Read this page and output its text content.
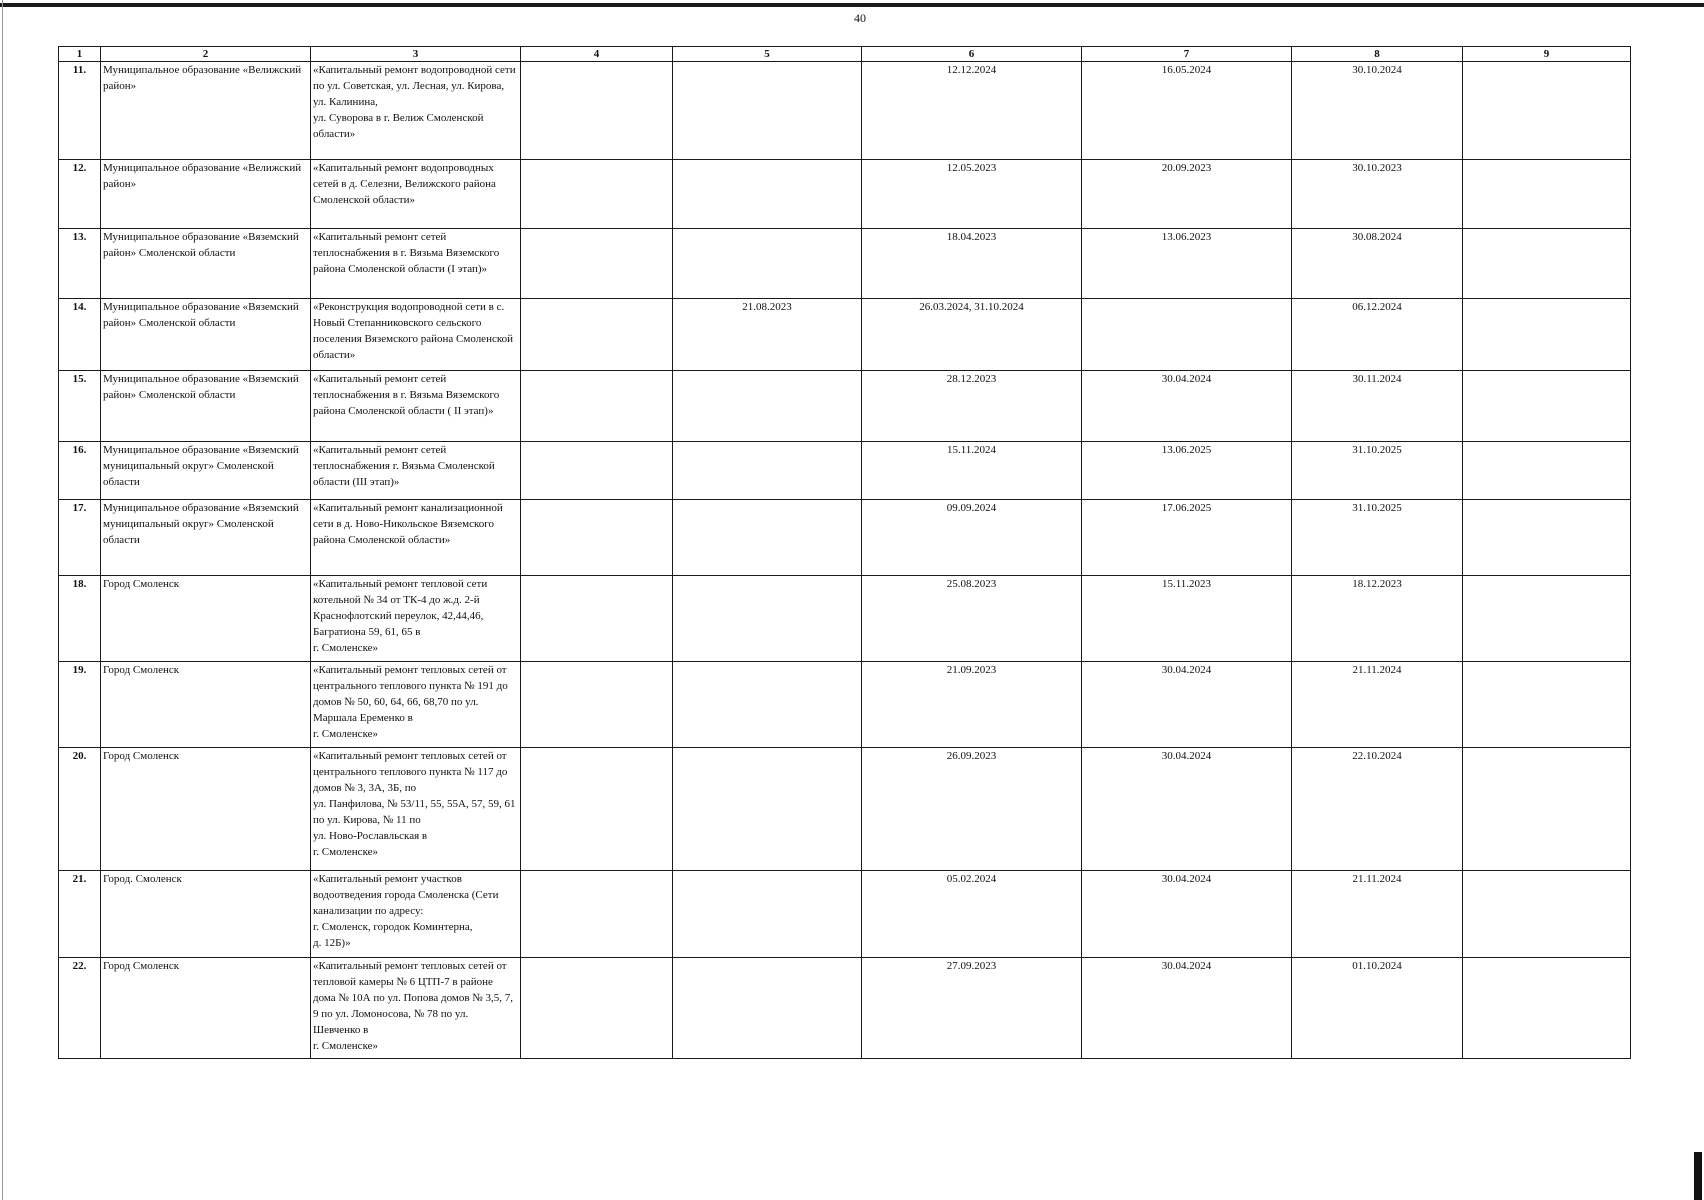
40
1	2	3	4	5	6	7	8	9
11.	Муниципальное образование «Велижский район»	«Капитальный ремонт водопроводной сети по ул. Советская, ул. Лесная, ул. Кирова, ул. Калинина,
ул. Суворова в г. Велиж Смоленской области»			12.12.2024	16.05.2024	30.10.2024	
12.	Муниципальное образование «Велижский район»	«Капитальный ремонт водопроводных сетей в д. Селезни, Велижского района Смоленской области»			12.05.2023	20.09.2023	30.10.2023	
13.	Муниципальное образование «Вяземский район» Смоленской области	«Капитальный ремонт сетей теплоснабжения в г. Вязьма Вяземского района Смоленской области (I этап)»			18.04.2023	13.06.2023	30.08.2024	
14.	Муниципальное образование «Вяземский район» Смоленской области	«Реконструкция водопроводной сети в с. Новый Степанниковского сельского поселения Вяземского района Смоленской области»		21.08.2023	26.03.2024, 31.10.2024		06.12.2024	
15.	Муниципальное образование «Вяземский район» Смоленской области	«Капитальный ремонт сетей теплоснабжения в г. Вязьма Вяземского района Смоленской области ( II этап)»			28.12.2023	30.04.2024	30.11.2024	
16.	Муниципальное образование «Вяземский муниципальный округ» Смоленской области	«Капитальный ремонт сетей теплоснабжения г. Вязьма Смоленской области (III этап)»			15.11.2024	13.06.2025	31.10.2025	
17.	Муниципальное образование «Вяземский муниципальный округ» Смоленской области	«Капитальный ремонт канализационной сети в д. Ново-Никольское Вяземского района Смоленской области»			09.09.2024	17.06.2025	31.10.2025	
18.	Город Смоленск	«Капитальный ремонт тепловой сети котельной № 34 от ТК-4 до ж.д. 2-й Краснофлотский переулок, 42,44,46, Багратиона 59, 61, 65 в
г. Смоленске»			25.08.2023	15.11.2023	18.12.2023	
19.	Город Смоленск	«Капитальный ремонт тепловых сетей от центрального теплового пункта № 191 до домов № 50, 60, 64, 66, 68,70 по ул. Маршала Еременко в
г. Смоленске»			21.09.2023	30.04.2024	21.11.2024	
20.	Город Смоленск	«Капитальный ремонт тепловых сетей от центрального теплового пункта № 117 до домов № 3, 3А, 3Б, по
ул. Панфилова, № 53/11, 55, 55А, 57, 59, 61 по ул. Кирова, № 11 по
ул. Ново-Рославльская в
г. Смоленске»			26.09.2023	30.04.2024	22.10.2024	
21.	Город. Смоленск	«Капитальный ремонт участков водоотведения города Смоленска (Сети канализации по адресу:
г. Смоленск, городок Коминтерна,
д. 12Б)»			05.02.2024	30.04.2024	21.11.2024	
22.	Город Смоленск	«Капитальный ремонт тепловых сетей от тепловой камеры № 6 ЦТП-7 в районе дома № 10А по ул. Попова домов № 3,5, 7, 9 по ул. Ломоносова, № 78 по ул. Шевченко в
г. Смоленске»			27.09.2023	30.04.2024	01.10.2024	
